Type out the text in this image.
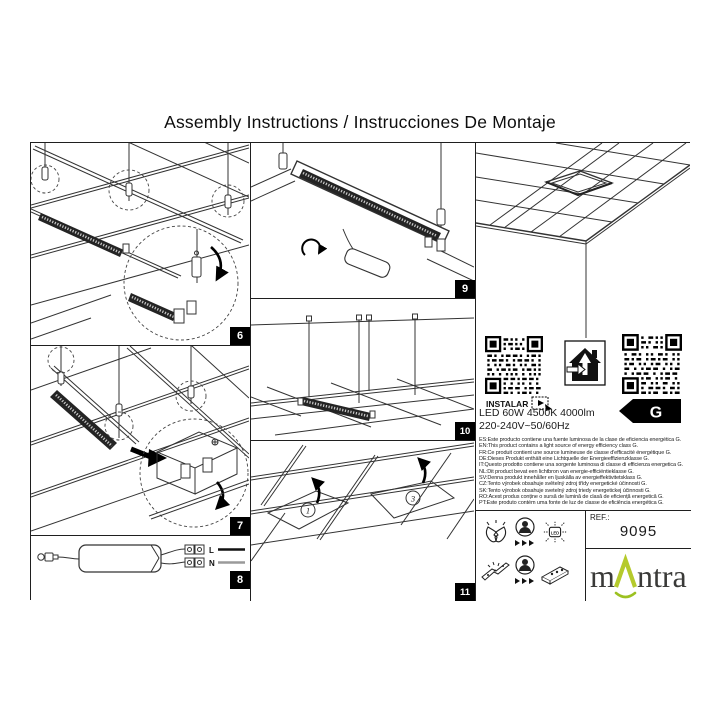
Assembly Instructions / Instrucciones De Montaje
6
7
L
N
8
9
10
1
3
11
INSTALAR
G
LED 60W 4500K 4000lm
220-240V~50/60Hz
ES:Este producto contiene una fuente luminosa de la clase de eficiencia energética G.
EN:This product contains a light source of energy efficiency class G.
FR:Ce produit contient une source lumineuse de classe d'efficacité énergétique G.
DE:Dieses Produkt enthält eine Lichtquelle der Energieeffizienzklasse G.
IT:Questo prodotto contiene una sorgente luminosa di classe di efficienza energetica G.
NL:Dit product bevat een lichtbron van energie-efficiëntieklasse G.
SV:Denna produkt innehåller en ljuskälla av energieffektivitetsklass G.
CZ:Tento výrobek obsahuje světelný zdroj třídy energetické účinnosti G.
SK:Tento výrobok obsahuje svetelný zdroj triedy energetickej účinnosti G.
RO:Acest produs conține o sursă de lumină de clasă de eficiență energetică G.
PT:Este produto contém uma fonte de luz de classe de eficiência energética G.
LED
REF.:
9095
m ntra
